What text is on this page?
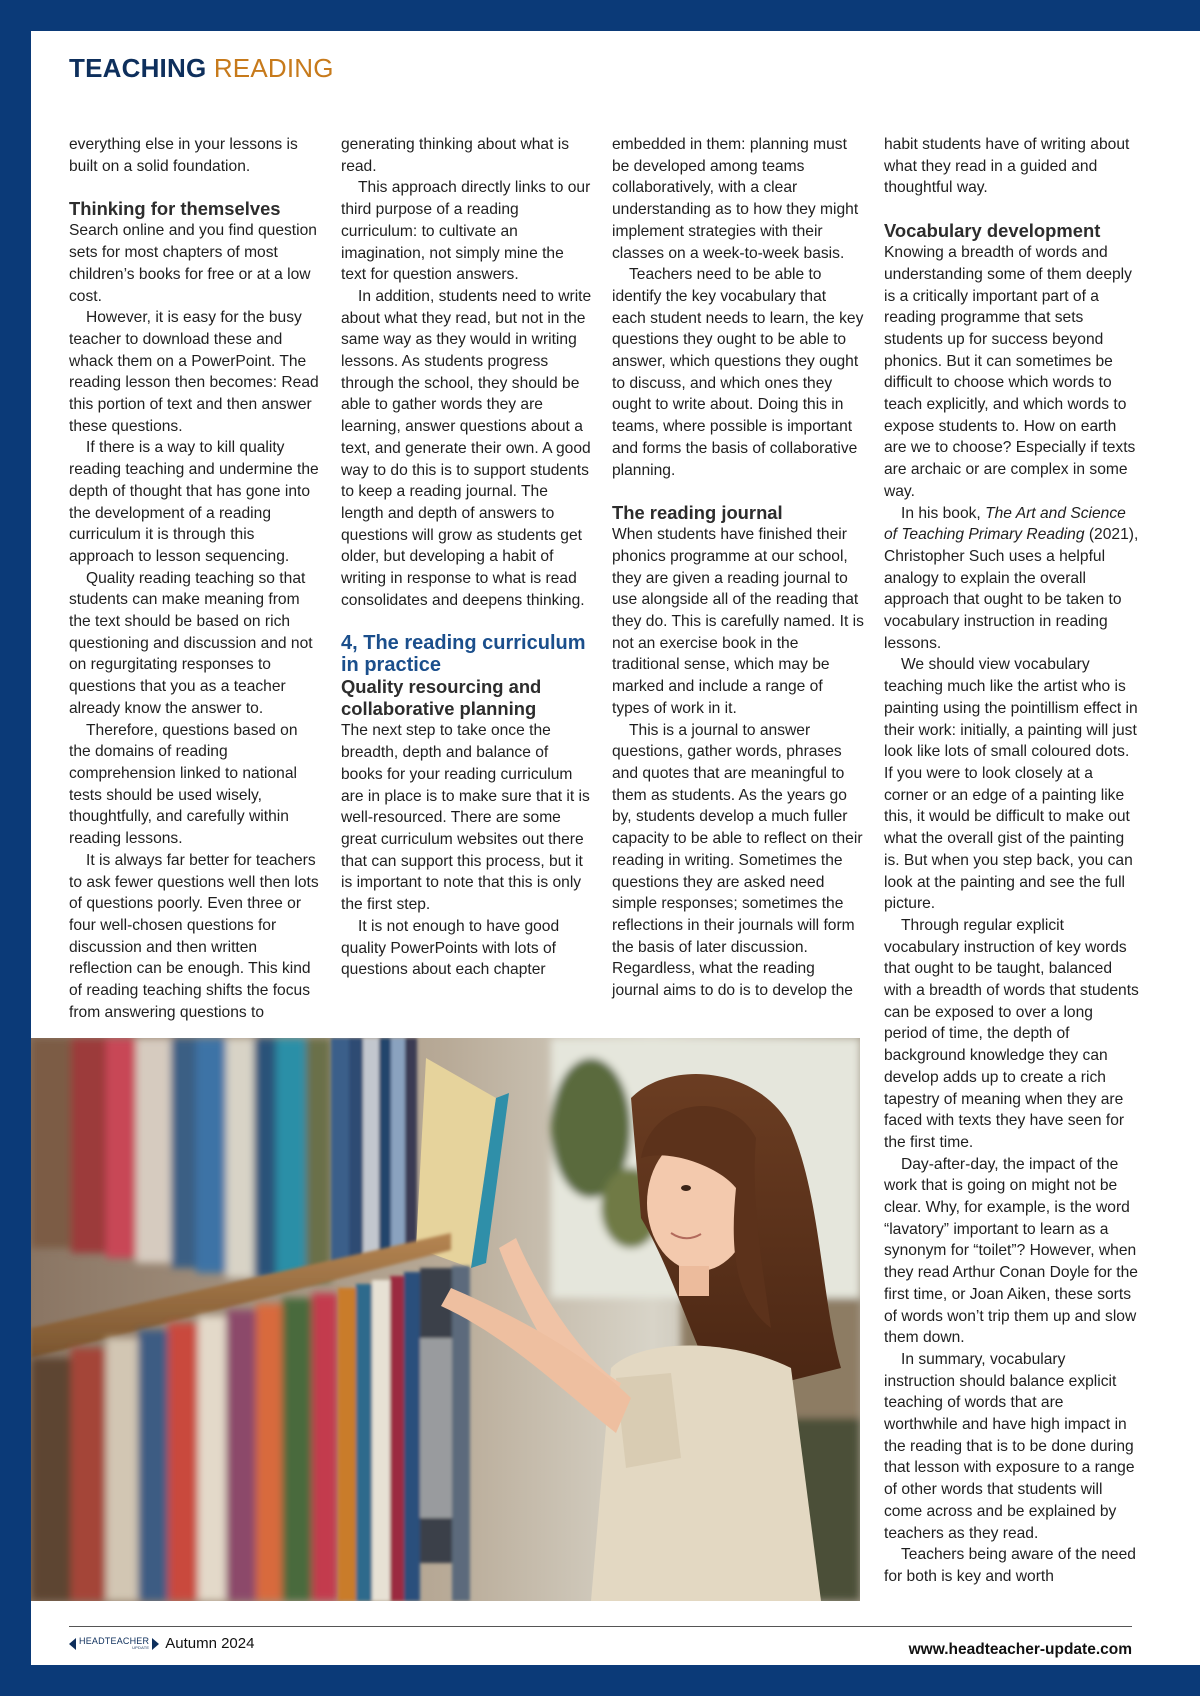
TEACHING READING

everything else in your lessons is built on a solid foundation.

Thinking for themselves

Search online and you find question sets for most chapters of most children’s books for free or at a low cost.

However, it is easy for the busy teacher to download these and whack them on a PowerPoint. The reading lesson then becomes: Read this portion of text and then answer these questions.

If there is a way to kill quality reading teaching and undermine the depth of thought that has gone into the development of a reading curriculum it is through this approach to lesson sequencing.

Quality reading teaching so that students can make meaning from the text should be based on rich questioning and discussion and not on regurgitating responses to questions that you as a teacher already know the answer to.

Therefore, questions based on the domains of reading comprehension linked to national tests should be used wisely, thoughtfully, and carefully within reading lessons.

It is always far better for teachers to ask fewer questions well then lots of questions poorly. Even three or four well-chosen questions for discussion and then written reflection can be enough. This kind of reading teaching shifts the focus from answering questions to

generating thinking about what is read.

This approach directly links to our third purpose of a reading curriculum: to cultivate an imagination, not simply mine the text for question answers.

In addition, students need to write about what they read, but not in the same way as they would in writing lessons. As students progress through the school, they should be able to gather words they are learning, answer questions about a text, and generate their own. A good way to do this is to support students to keep a reading journal. The length and depth of answers to questions will grow as students get older, but developing a habit of writing in response to what is read consolidates and deepens thinking.

4, The reading curriculum in practice
Quality resourcing and collaborative planning

The next step to take once the breadth, depth and balance of books for your reading curriculum are in place is to make sure that it is well-resourced. There are some great curriculum websites out there that can support this process, but it is important to note that this is only the first step.

It is not enough to have good quality PowerPoints with lots of questions about each chapter

embedded in them: planning must be developed among teams collaboratively, with a clear understanding as to how they might implement strategies with their classes on a week-to-week basis.

Teachers need to be able to identify the key vocabulary that each student needs to learn, the key questions they ought to be able to answer, which questions they ought to discuss, and which ones they ought to write about. Doing this in teams, where possible is important and forms the basis of collaborative planning.

The reading journal

When students have finished their phonics programme at our school, they are given a reading journal to use alongside all of the reading that they do. This is carefully named. It is not an exercise book in the traditional sense, which may be marked and include a range of types of work in it.

This is a journal to answer questions, gather words, phrases and quotes that are meaningful to them as students. As the years go by, students develop a much fuller capacity to be able to reflect on their reading in writing. Sometimes the questions they are asked need simple responses; sometimes the reflections in their journals will form the basis of later discussion. Regardless, what the reading journal aims to do is to develop the

habit students have of writing about what they read in a guided and thoughtful way.

Vocabulary development

Knowing a breadth of words and understanding some of them deeply is a critically important part of a reading programme that sets students up for success beyond phonics. But it can sometimes be difficult to choose which words to teach explicitly, and which words to expose students to. How on earth are we to choose? Especially if texts are archaic or are complex in some way.

In his book, The Art and Science of Teaching Primary Reading (2021), Christopher Such uses a helpful analogy to explain the overall approach that ought to be taken to vocabulary instruction in reading lessons.

We should view vocabulary teaching much like the artist who is painting using the pointillism effect in their work: initially, a painting will just look like lots of small coloured dots. If you were to look closely at a corner or an edge of a painting like this, it would be difficult to make out what the overall gist of the painting is. But when you step back, you can look at the painting and see the full picture.

Through regular explicit vocabulary instruction of key words that ought to be taught, balanced with a breadth of words that students can be exposed to over a long period of time, the depth of background knowledge they can develop adds up to create a rich tapestry of meaning when they are faced with texts they have seen for the first time.

Day-after-day, the impact of the work that is going on might not be clear. Why, for example, is the word “lavatory” important to learn as a synonym for “toilet”? However, when they read Arthur Conan Doyle for the first time, or Joan Aiken, these sorts of words won’t trip them up and slow them down.

In summary, vocabulary instruction should balance explicit teaching of words that are worthwhile and have high impact in the reading that is to be done during that lesson with exposure to a range of other words that students will come across and be explained by teachers as they read.

Teachers being aware of the need for both is key and worth

HEADTEACHER
UPDATE Autumn 2024	www.headteacher-update.com
